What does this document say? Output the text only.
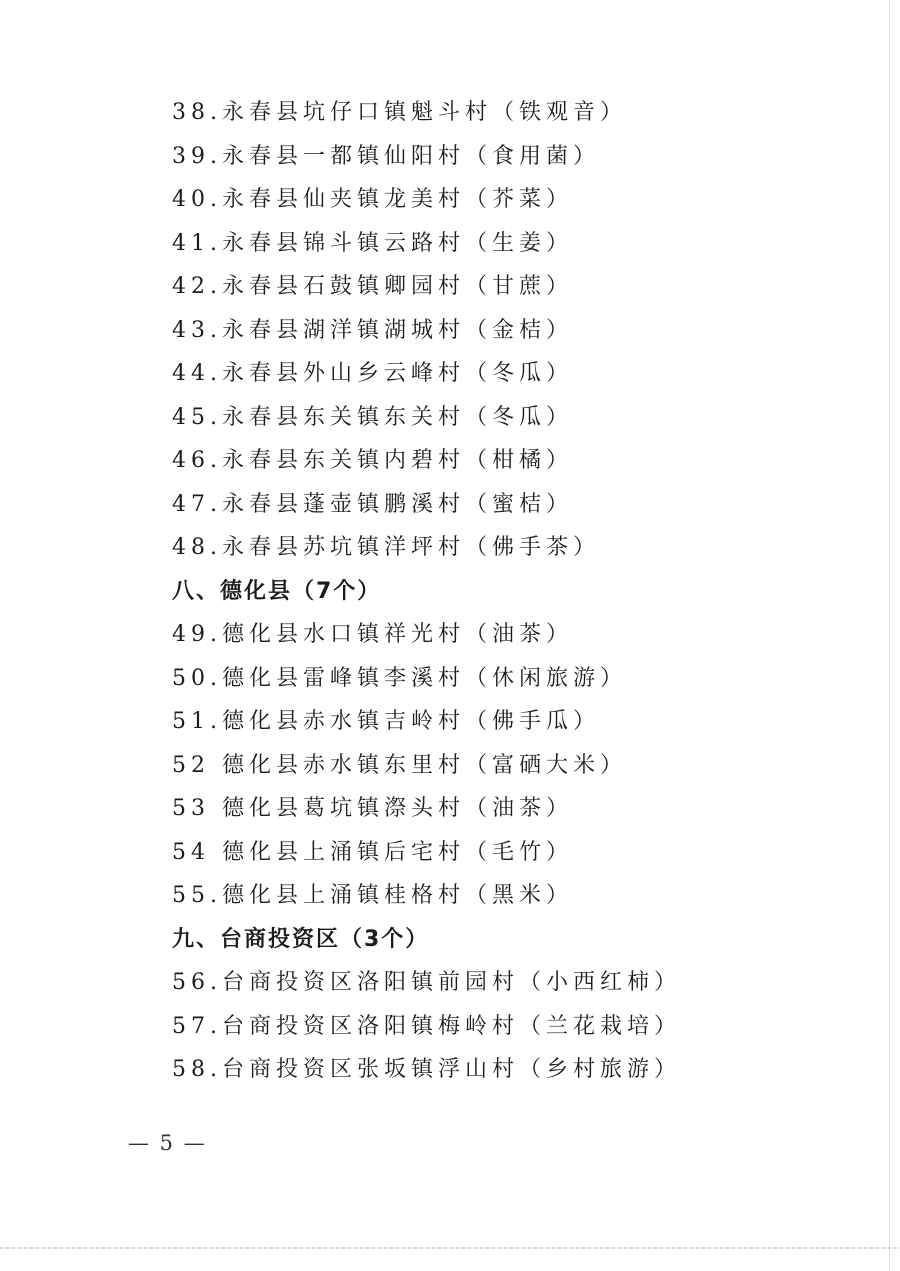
38.永春县坑仔口镇魁斗村（铁观音）
39.永春县一都镇仙阳村（食用菌）
40.永春县仙夹镇龙美村（芥菜）
41.永春县锦斗镇云路村（生姜）
42.永春县石鼓镇卿园村（甘蔗）
43.永春县湖洋镇湖城村（金桔）
44.永春县外山乡云峰村（冬瓜）
45.永春县东关镇东关村（冬瓜）
46.永春县东关镇内碧村（柑橘）
47.永春县蓬壶镇鹏溪村（蜜桔）
48.永春县苏坑镇洋坪村（佛手茶）
八、德化县（7个）
49.德化县水口镇祥光村（油茶）
50.德化县雷峰镇李溪村（休闲旅游）
51.德化县赤水镇吉岭村（佛手瓜）
52 德化县赤水镇东里村（富硒大米）
53 德化县葛坑镇漈头村（油茶）
54 德化县上涌镇后宅村（毛竹）
55.德化县上涌镇桂格村（黑米）
九、台商投资区（3个）
56.台商投资区洛阳镇前园村（小西红柿）
57.台商投资区洛阳镇梅岭村（兰花栽培）
58.台商投资区张坂镇浮山村（乡村旅游）
— 5 —
